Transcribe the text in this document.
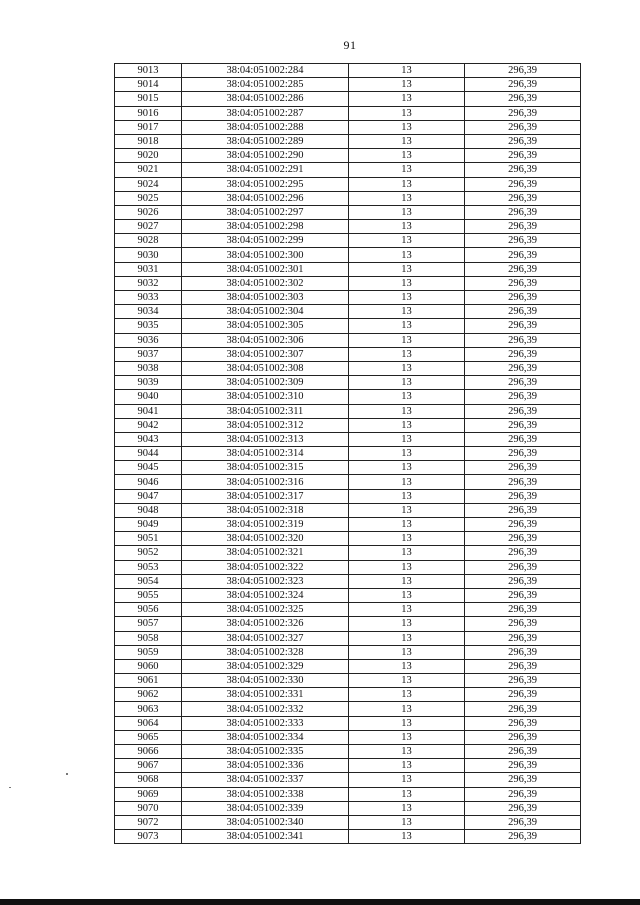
91
9013	38:04:051002:284	13	296,39
9014	38:04:051002:285	13	296,39
9015	38:04:051002:286	13	296,39
9016	38:04:051002:287	13	296,39
9017	38:04:051002:288	13	296,39
9018	38:04:051002:289	13	296,39
9020	38:04:051002:290	13	296,39
9021	38:04:051002:291	13	296,39
9024	38:04:051002:295	13	296,39
9025	38:04:051002:296	13	296,39
9026	38:04:051002:297	13	296,39
9027	38:04:051002:298	13	296,39
9028	38:04:051002:299	13	296,39
9030	38:04:051002:300	13	296,39
9031	38:04:051002:301	13	296,39
9032	38:04:051002:302	13	296,39
9033	38:04:051002:303	13	296,39
9034	38:04:051002:304	13	296,39
9035	38:04:051002:305	13	296,39
9036	38:04:051002:306	13	296,39
9037	38:04:051002:307	13	296,39
9038	38:04:051002:308	13	296,39
9039	38:04:051002:309	13	296,39
9040	38:04:051002:310	13	296,39
9041	38:04:051002:311	13	296,39
9042	38:04:051002:312	13	296,39
9043	38:04:051002:313	13	296,39
9044	38:04:051002:314	13	296,39
9045	38:04:051002:315	13	296,39
9046	38:04:051002:316	13	296,39
9047	38:04:051002:317	13	296,39
9048	38:04:051002:318	13	296,39
9049	38:04:051002:319	13	296,39
9051	38:04:051002:320	13	296,39
9052	38:04:051002:321	13	296,39
9053	38:04:051002:322	13	296,39
9054	38:04:051002:323	13	296,39
9055	38:04:051002:324	13	296,39
9056	38:04:051002:325	13	296,39
9057	38:04:051002:326	13	296,39
9058	38:04:051002:327	13	296,39
9059	38:04:051002:328	13	296,39
9060	38:04:051002:329	13	296,39
9061	38:04:051002:330	13	296,39
9062	38:04:051002:331	13	296,39
9063	38:04:051002:332	13	296,39
9064	38:04:051002:333	13	296,39
9065	38:04:051002:334	13	296,39
9066	38:04:051002:335	13	296,39
9067	38:04:051002:336	13	296,39
9068	38:04:051002:337	13	296,39
9069	38:04:051002:338	13	296,39
9070	38:04:051002:339	13	296,39
9072	38:04:051002:340	13	296,39
9073	38:04:051002:341	13	296,39
